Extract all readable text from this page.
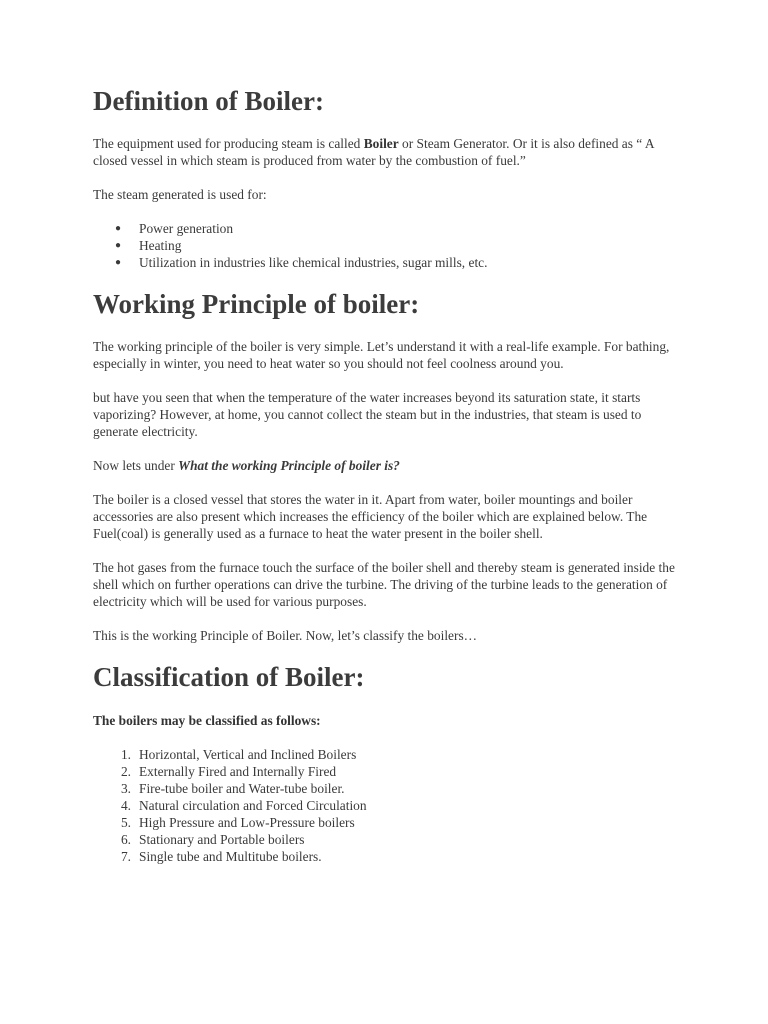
Definition of Boiler:

The equipment used for producing steam is called Boiler or Steam Generator. Or it is also defined as “ A closed vessel in which steam is produced from water by the combustion of fuel.”

The steam generated is used for:

● Power generation
● Heating
● Utilization in industries like chemical industries, sugar mills, etc.
Working Principle of boiler:

The working principle of the boiler is very simple. Let’s understand it with a real-life example. For bathing, especially in winter, you need to heat water so you should not feel coolness around you.

but have you seen that when the temperature of the water increases beyond its saturation state, it starts vaporizing? However, at home, you cannot collect the steam but in the industries, that steam is used to generate electricity.

Now lets under What the working Principle of boiler is?

The boiler is a closed vessel that stores the water in it. Apart from water, boiler mountings and boiler accessories are also present which increases the efficiency of the boiler which are explained below. The Fuel(coal) is generally used as a furnace to heat the water present in the boiler shell.

The hot gases from the furnace touch the surface of the boiler shell and thereby steam is generated inside the shell which on further operations can drive the turbine. The driving of the turbine leads to the generation of electricity which will be used for various purposes.

This is the working Principle of Boiler. Now, let’s classify the boilers…

Classification of Boiler:

The boilers may be classified as follows:

1. Horizontal, Vertical and Inclined Boilers
2. Externally Fired and Internally Fired
3. Fire-tube boiler and Water-tube boiler.
4. Natural circulation and Forced Circulation
5. High Pressure and Low-Pressure boilers
6. Stationary and Portable boilers
7. Single tube and Multitube boilers.
